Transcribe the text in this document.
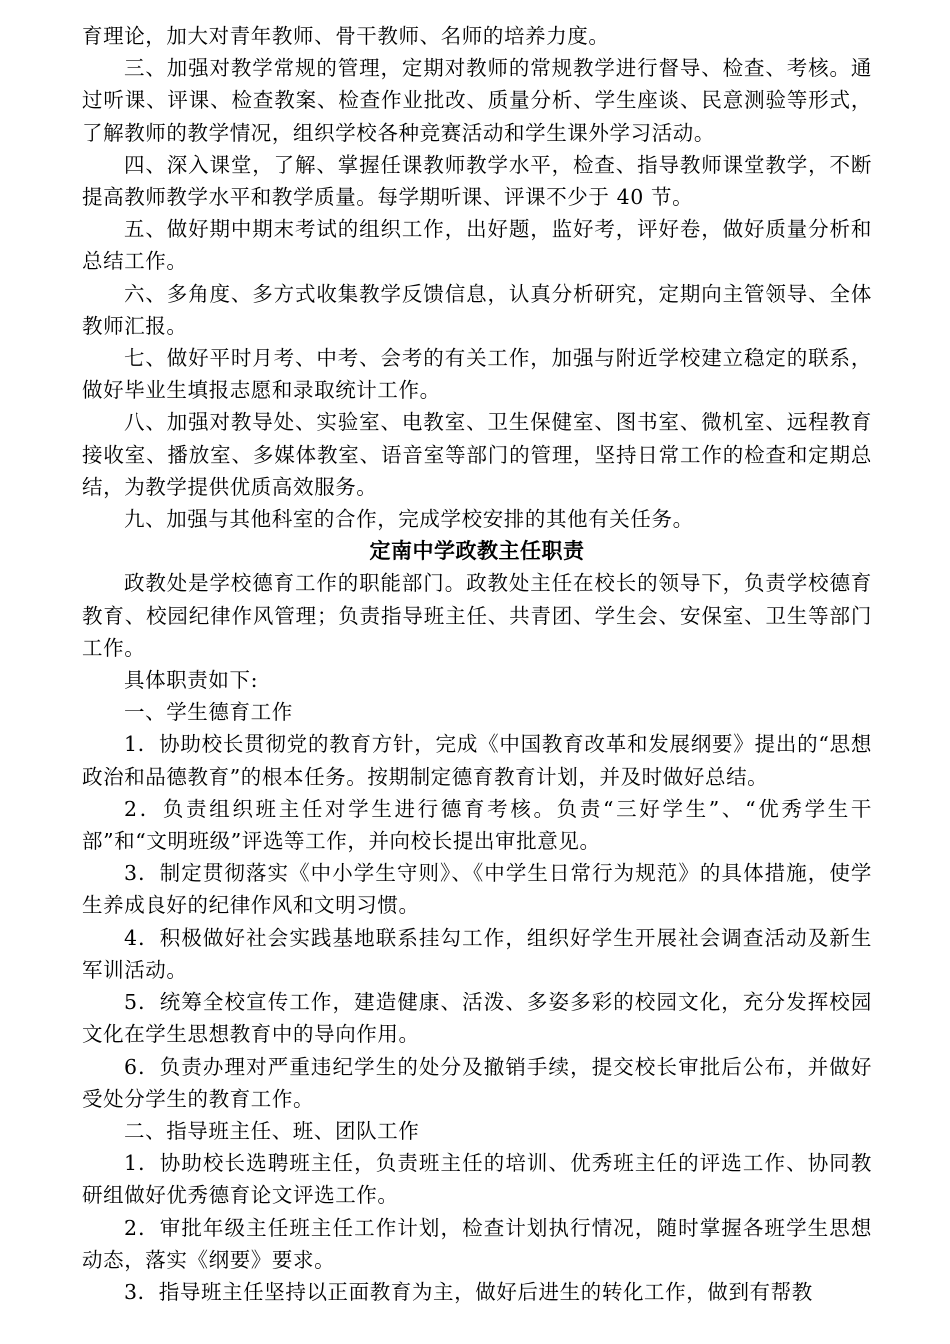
育理论，加大对青年教师、骨干教师、名师的培养力度。

三、加强对教学常规的管理，定期对教师的常规教学进行督导、检查、考核。通过听课、评课、检查教案、检查作业批改、质量分析、学生座谈、民意测验等形式，了解教师的教学情况，组织学校各种竞赛活动和学生课外学习活动。

四、深入课堂，了解、掌握任课教师教学水平，检查、指导教师课堂教学，不断提高教师教学水平和教学质量。每学期听课、评课不少于 40 节。

五、做好期中期末考试的组织工作，出好题，监好考，评好卷，做好质量分析和总结工作。

六、多角度、多方式收集教学反馈信息，认真分析研究，定期向主管领导、全体教师汇报。

七、做好平时月考、中考、会考的有关工作，加强与附近学校建立稳定的联系，做好毕业生填报志愿和录取统计工作。

八、加强对教导处、实验室、电教室、卫生保健室、图书室、微机室、远程教育接收室、播放室、多媒体教室、语音室等部门的管理，坚持日常工作的检查和定期总结，为教学提供优质高效服务。

九、加强与其他科室的合作，完成学校安排的其他有关任务。

定南中学政教主任职责

政教处是学校德育工作的职能部门。政教处主任在校长的领导下，负责学校德育教育、校园纪律作风管理；负责指导班主任、共青团、学生会、安保室、卫生等部门工作。

具体职责如下:

一、学生德育工作

1．协助校长贯彻党的教育方针，完成《中国教育改革和发展纲要》提出的“思想政治和品德教育”的根本任务。按期制定德育教育计划，并及时做好总结。

2．负责组织班主任对学生进行德育考核。负责“三好学生”、“优秀学生干部”和“文明班级”评选等工作，并向校长提出审批意见。

3．制定贯彻落实《中小学生守则》、《中学生日常行为规范》的具体措施，使学生养成良好的纪律作风和文明习惯。

4．积极做好社会实践基地联系挂勾工作，组织好学生开展社会调查活动及新生军训活动。

5．统筹全校宣传工作，建造健康、活泼、多姿多彩的校园文化，充分发挥校园文化在学生思想教育中的导向作用。

6．负责办理对严重违纪学生的处分及撤销手续，提交校长审批后公布，并做好受处分学生的教育工作。

二、指导班主任、班、团队工作

1．协助校长选聘班主任，负责班主任的培训、优秀班主任的评选工作、协同教研组做好优秀德育论文评选工作。

2．审批年级主任班主任工作计划，检查计划执行情况，随时掌握各班学生思想动态，落实《纲要》要求。

3．指导班主任坚持以正面教育为主，做好后进生的转化工作，做到有帮教
